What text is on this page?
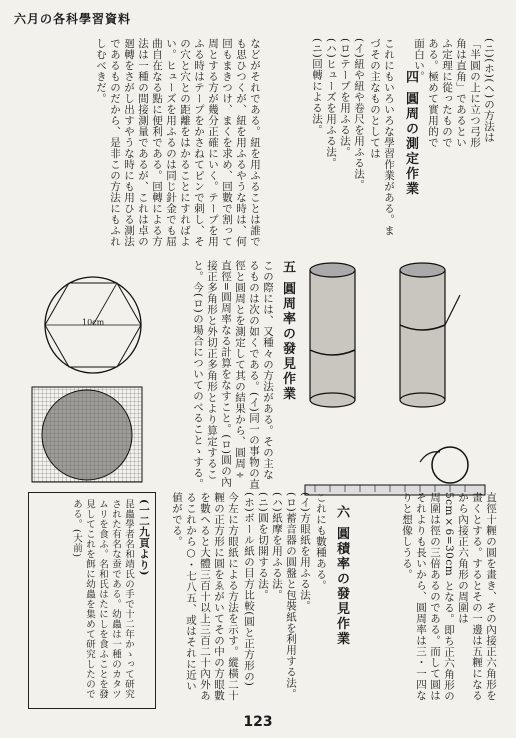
六月の各科學習資料
(ニ)(ホ)(ヘ)の方法は「半圓の上に立つ弓形角は直角」であるといふ定理に從ったものである。極めて實用的で面白い。
四 圓周の測定作業
これにもいろいろな學習作業がある。まづその主なものとしては
(イ)紐や紐や卷尺を用ふる法。
(ロ)テープを用ふる法。
(ハ)ヒューズを用ふる法。
(ニ)回轉による法。
などがそれである。紐を用ふることは誰でも思ひつくが、紐を用ふるやうな時は、何回もまきつけ、まくを求め、回數で割って周とする方が幾分正確にいく。テープを用ふる時はテープをかさねてピンで刺し、その穴と穴との距離をはかることにすればよい。ヒューズを用ふるのは同じ針金でも屈曲自在なる點に便利である。回轉による方法は一種の間接測量であるが、これは卓の廻轉をさがし出すやうな時にも用ひる測法であるものだから、是非この方法にもふれしむべきだ。
10cm	五 圓周率の發見作業
この際には、又種々の方法がある。その主なるものは次の如くである。(イ)同一の事物の直徑と圓周とを測定して其の結果から、圓周÷直徑=圓周率なる計算をなすこと。(ロ)圓の內接正多角形と外切正多角形とより算定すること。今(ロ)の場合についてのべることゝする。
直徑十糎の圓を畫き、その內接正六角形を畫くとする。するとその一邊は五糎になるから內接正六角形の周圍は 5cm×6=30cm となる。即ち正六角形の周圍は徑の三倍あるのである。而して圓はそれよりも長いから、圓周率は三・一四なりと想像しうる。
六 圓積率の發見作業
これにも數種ある。
(イ)方眼紙を用ふる法。
(ロ)蓄音器の圓盤と包裝紙を利用する法。
(ハ)紙摩を用ふる法。
(ニ)圓を切開する法。
(ホ)ボール紙の目方比較(圓と正方形の)
今左に方眼紙による方法を示す。縱橫二十糎の正方形に圓をゑがいてその中の方眼數を數ヘると大體三百十以上三百二十內外あるこれから○・七八五、或はそれに近い値がでる。
(一二九頁より)
昆蟲學者名和靖氏の手で十二年かゝって研究された有名な蚕である。幼蟲は一種のカタツムリを食ふ。名和氏はたにしを食ふことを發見してこれを餌に幼蟲を集めて研究したのである。(大前)
123
